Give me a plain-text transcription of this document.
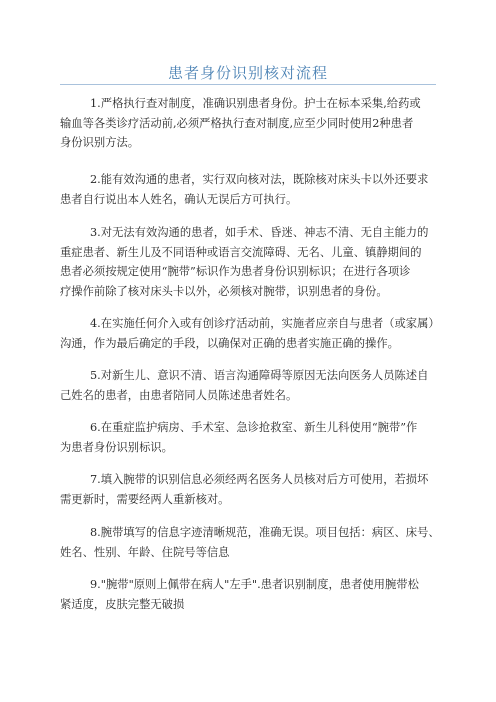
患者身份识别核对流程
1.严格执行查对制度，准确识别患者身份。护士在标本采集,给药或
输血等各类诊疗活动前,必须严格执行查对制度,应至少同时使用2种患者
身份识别方法。
2.能有效沟通的患者，实行双向核对法，既除核对床头卡以外还要求
患者自行说出本人姓名，确认无误后方可执行。
3.对无法有效沟通的患者，如手术、昏迷、神志不清、无自主能力的
重症患者、新生儿及不同语种或语言交流障碍、无名、儿童、镇静期间的
患者必须按规定使用“腕带”标识作为患者身份识别标识；在进行各项诊
疗操作前除了核对床头卡以外，必须核对腕带，识别患者的身份。
4.在实施任何介入或有创诊疗活动前，实施者应亲自与患者（或家属）
沟通，作为最后确定的手段，以确保对正确的患者实施正确的操作。
5.对新生儿、意识不清、语言沟通障碍等原因无法向医务人员陈述自
己姓名的患者，由患者陪同人员陈述患者姓名。
6.在重症监护病房、手术室、急诊抢救室、新生儿科使用“腕带”作
为患者身份识别标识。
7.填入腕带的识别信息必须经两名医务人员核对后方可使用，若损坏
需更新时，需要经两人重新核对。
8.腕带填写的信息字迹清晰规范，准确无误。项目包括：病区、床号、
姓名、性别、年龄、住院号等信息
9."腕带"原则上佩带在病人"左手".患者识别制度，患者使用腕带松
紧适度，皮肤完整无破损
